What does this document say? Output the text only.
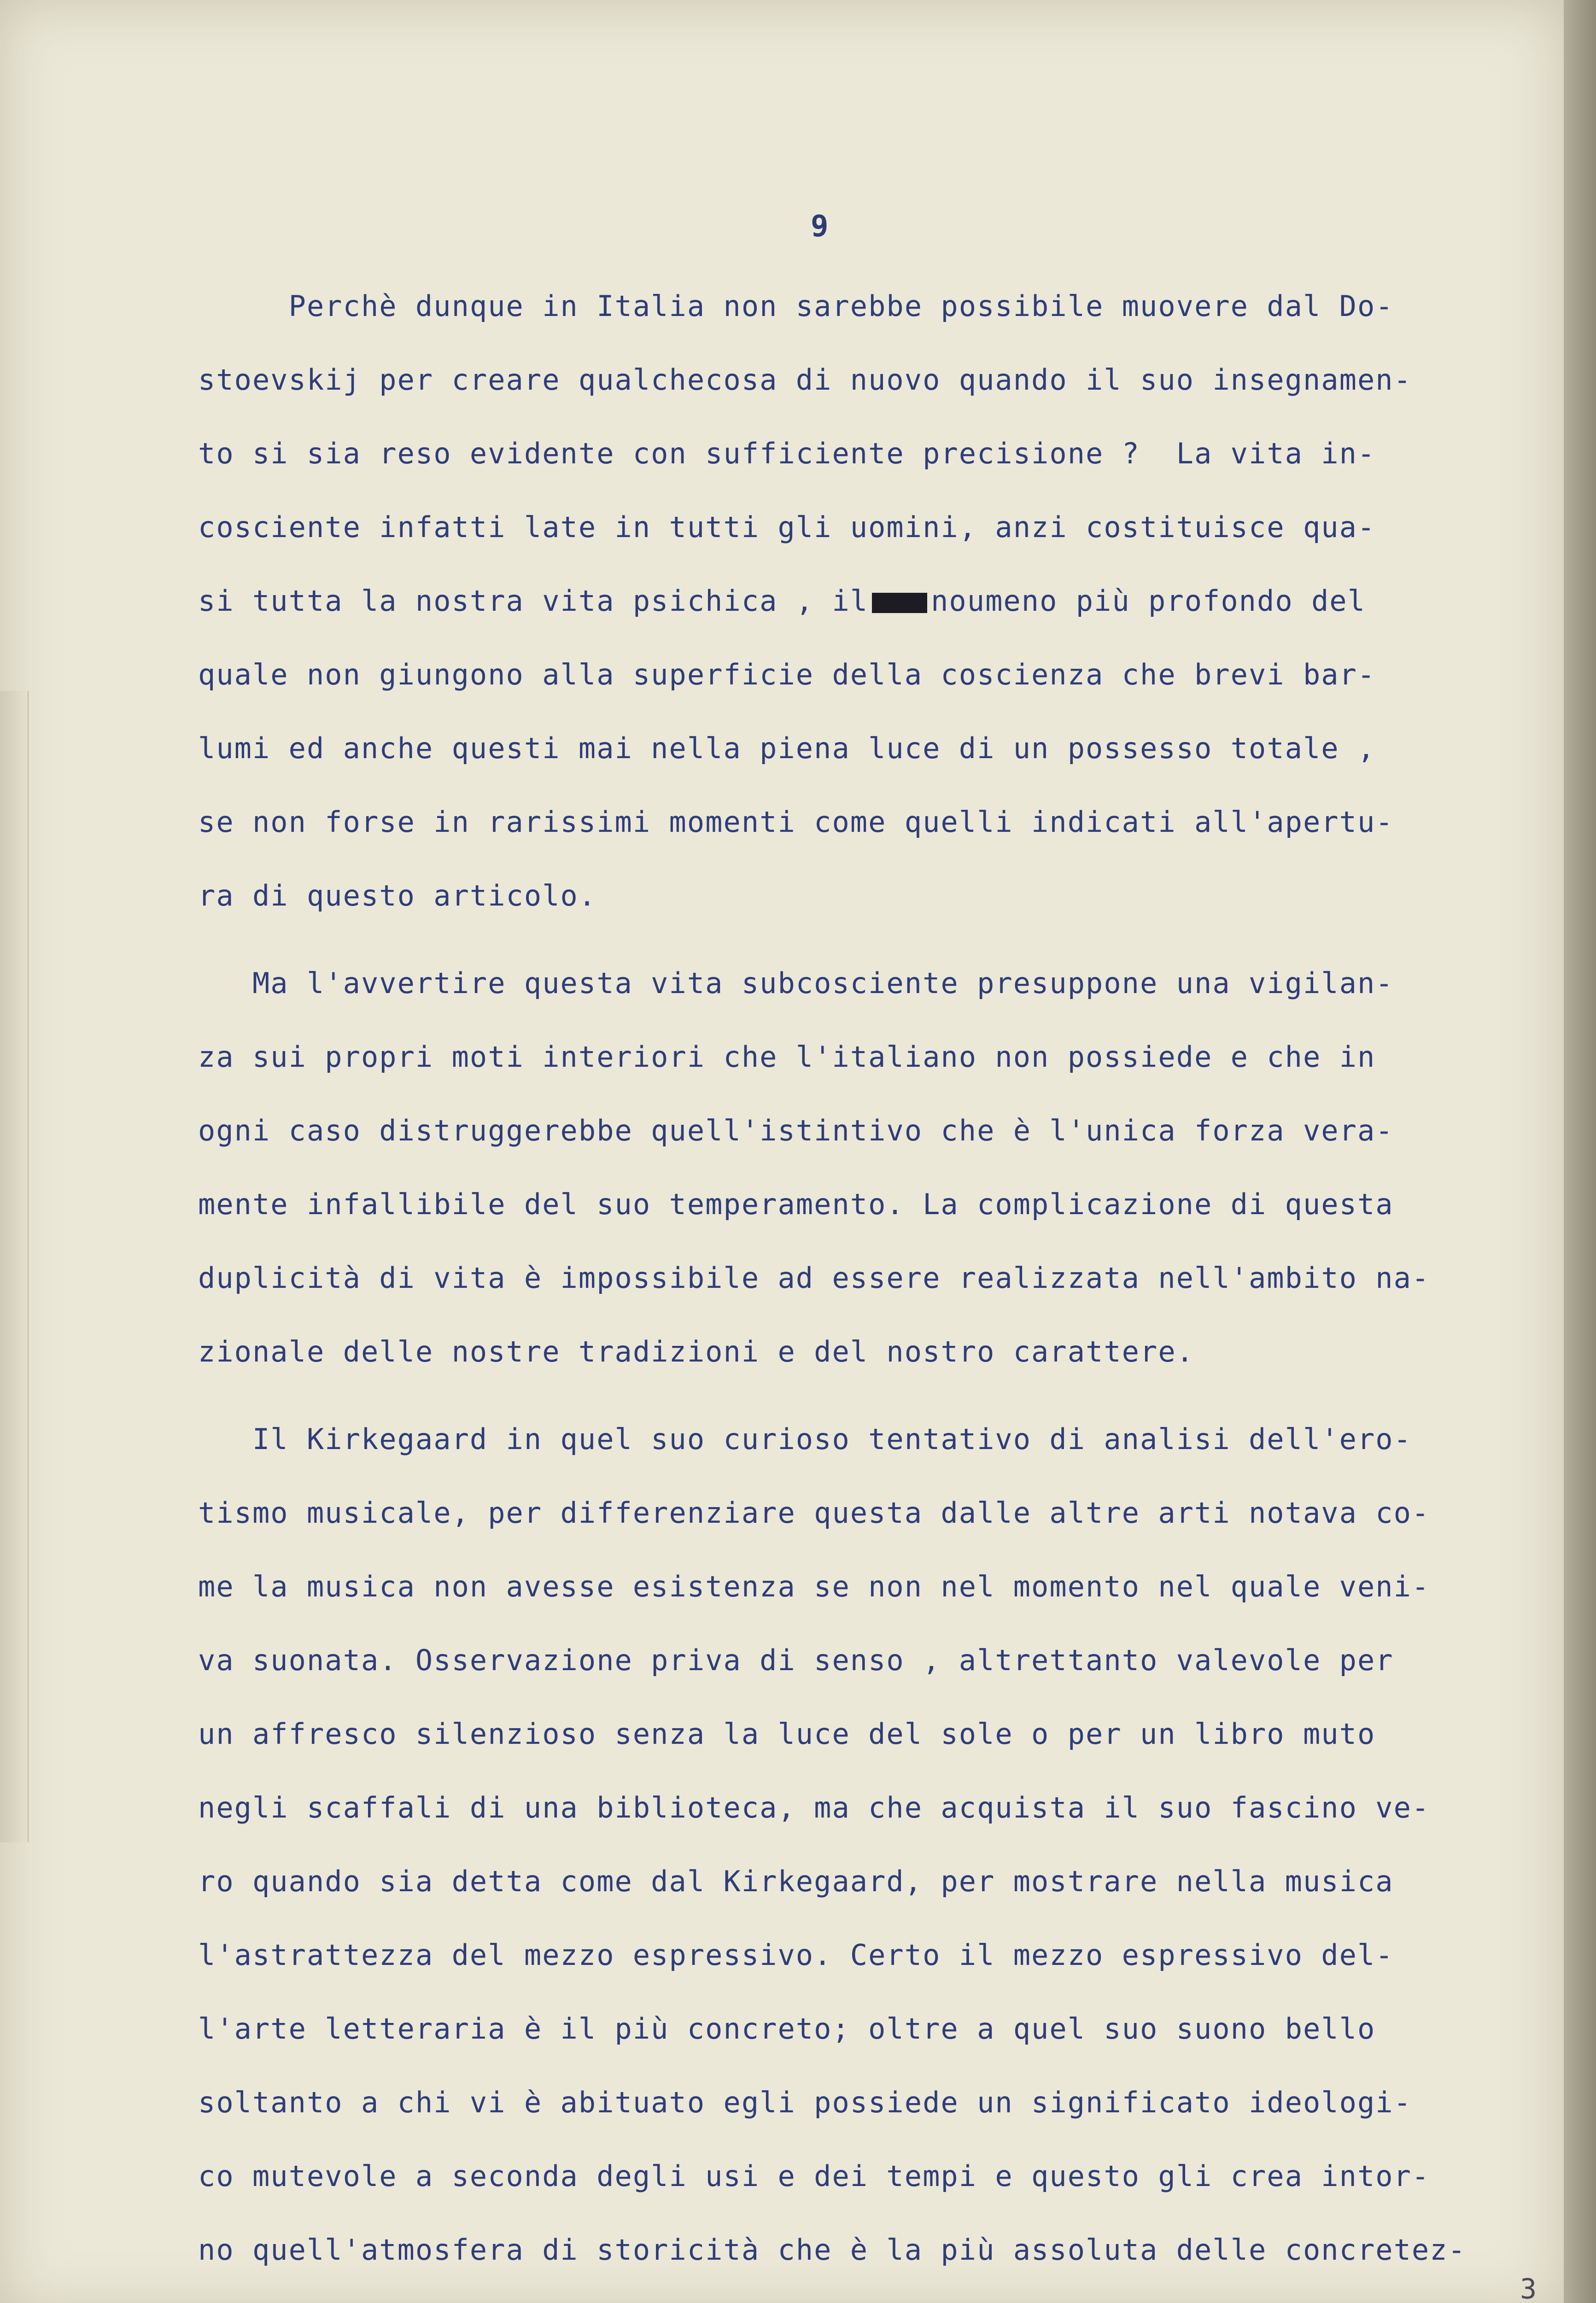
9
Perchè dunque in Italia non sarebbe possibile muovere dal Do-
stoevskij per creare qualchecosa di nuovo quando il suo insegnamen-
to si sia reso evidente con sufficiente precisione ?  La vita in-
cosciente infatti late in tutti gli uomini, anzi costituisce qua-
si tutta la nostra vita psichica , il noumeno più profondo del
quale non giungono alla superficie della coscienza che brevi bar-
lumi ed anche questi mai nella piena luce di un possesso totale ,
se non forse in rarissimi momenti come quelli indicati all'apertu-
ra di questo articolo.
Ma l'avvertire questa vita subcosciente presuppone una vigilan-
za sui propri moti interiori che l'italiano non possiede e che in
ogni caso distruggerebbe quell'istintivo che è l'unica forza vera-
mente infallibile del suo temperamento. La complicazione di questa
duplicità di vita è impossibile ad essere realizzata nell'ambito na-
zionale delle nostre tradizioni e del nostro carattere.
Il Kirkegaard in quel suo curioso tentativo di analisi dell'ero-
tismo musicale, per differenziare questa dalle altre arti notava co-
me la musica non avesse esistenza se non nel momento nel quale veni-
va suonata. Osservazione priva di senso , altrettanto valevole per
un affresco silenzioso senza la luce del sole o per un libro muto
negli scaffali di una biblioteca, ma che acquista il suo fascino ve-
ro quando sia detta come dal Kirkegaard, per mostrare nella musica
l'astrattezza del mezzo espressivo. Certo il mezzo espressivo del-
l'arte letteraria è il più concreto; oltre a quel suo suono bello
soltanto a chi vi è abituato egli possiede un significato ideologi-
co mutevole a seconda degli usi e dei tempi e questo gli crea intor-
no quell'atmosfera di storicità che è la più assoluta delle concretez-
3
